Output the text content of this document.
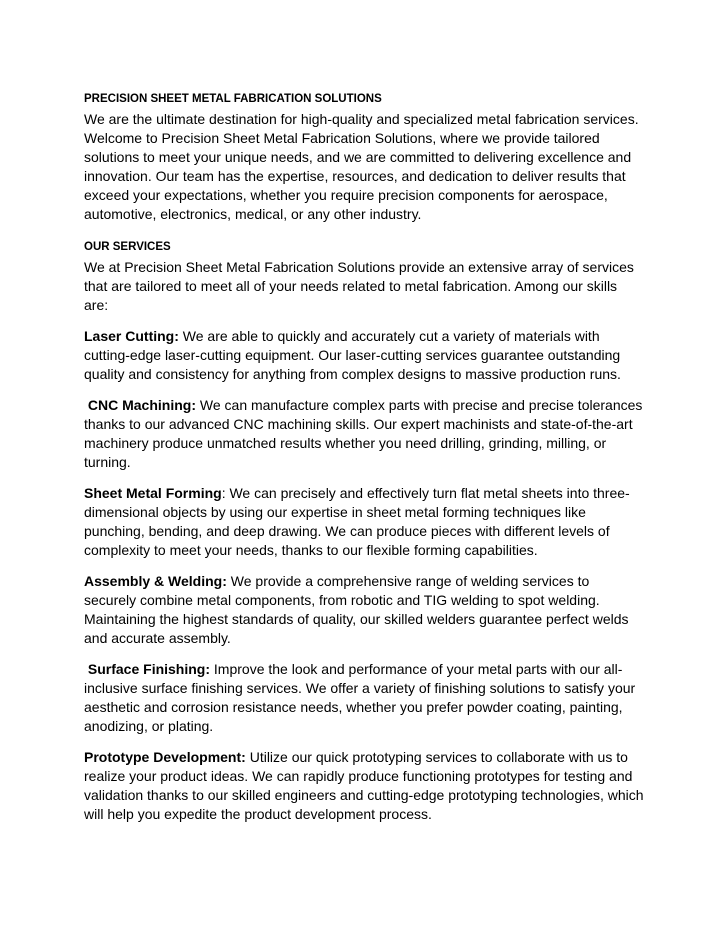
PRECISION SHEET METAL FABRICATION SOLUTIONS

We are the ultimate destination for high-quality and specialized metal fabrication services. Welcome to Precision Sheet Metal Fabrication Solutions, where we provide tailored solutions to meet your unique needs, and we are committed to delivering excellence and innovation. Our team has the expertise, resources, and dedication to deliver results that exceed your expectations, whether you require precision components for aerospace, automotive, electronics, medical, or any other industry.

OUR SERVICES

We at Precision Sheet Metal Fabrication Solutions provide an extensive array of services that are tailored to meet all of your needs related to metal fabrication. Among our skills are:

Laser Cutting: We are able to quickly and accurately cut a variety of materials with cutting-edge laser-cutting equipment. Our laser-cutting services guarantee outstanding quality and consistency for anything from complex designs to massive production runs.

CNC Machining: We can manufacture complex parts with precise and precise tolerances thanks to our advanced CNC machining skills. Our expert machinists and state-of-the-art machinery produce unmatched results whether you need drilling, grinding, milling, or turning.

Sheet Metal Forming: We can precisely and effectively turn flat metal sheets into three-dimensional objects by using our expertise in sheet metal forming techniques like punching, bending, and deep drawing. We can produce pieces with different levels of complexity to meet your needs, thanks to our flexible forming capabilities.

Assembly & Welding: We provide a comprehensive range of welding services to securely combine metal components, from robotic and TIG welding to spot welding. Maintaining the highest standards of quality, our skilled welders guarantee perfect welds and accurate assembly.

Surface Finishing: Improve the look and performance of your metal parts with our all-inclusive surface finishing services. We offer a variety of finishing solutions to satisfy your aesthetic and corrosion resistance needs, whether you prefer powder coating, painting, anodizing, or plating.

Prototype Development: Utilize our quick prototyping services to collaborate with us to realize your product ideas. We can rapidly produce functioning prototypes for testing and validation thanks to our skilled engineers and cutting-edge prototyping technologies, which will help you expedite the product development process.
